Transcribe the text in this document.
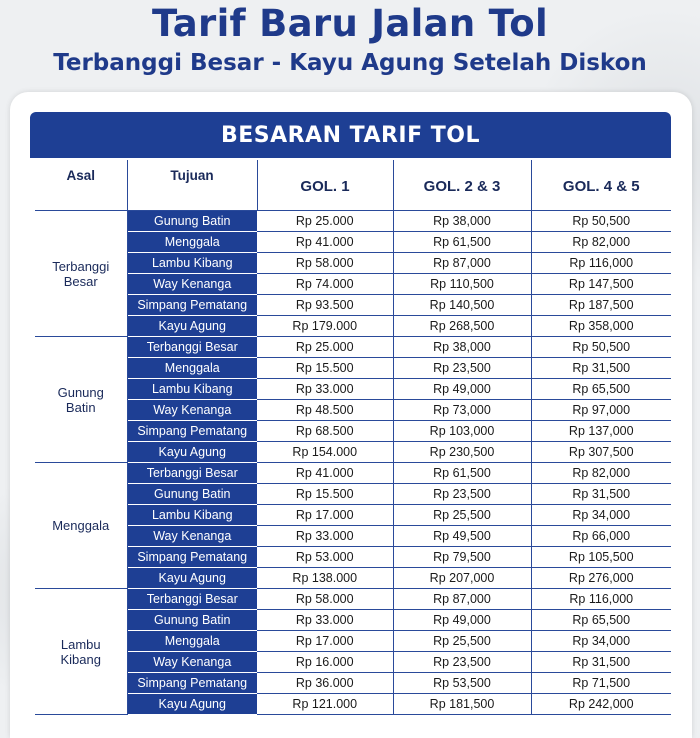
Tarif Baru Jalan Tol
Terbanggi Besar - Kayu Agung Setelah Diskon
BESARAN TARIF TOL
Asal	Tujuan	GOL. 1	GOL. 2 & 3	GOL. 4 & 5
Terbanggi Besar	Gunung Batin	Rp 25.000	Rp 38,000	Rp 50,500
	Menggala	Rp 41.000	Rp 61,500	Rp 82,000
	Lambu Kibang	Rp 58.000	Rp 87,000	Rp 116,000
	Way Kenanga	Rp 74.000	Rp 110,500	Rp 147,500
	Simpang Pematang	Rp 93.500	Rp 140,500	Rp 187,500
	Kayu Agung	Rp 179.000	Rp 268,500	Rp 358,000
Gunung Batin	Terbanggi Besar	Rp 25.000	Rp 38,000	Rp 50,500
	Menggala	Rp 15.500	Rp 23,500	Rp 31,500
	Lambu Kibang	Rp 33.000	Rp 49,000	Rp 65,500
	Way Kenanga	Rp 48.500	Rp 73,000	Rp 97,000
	Simpang Pematang	Rp 68.500	Rp 103,000	Rp 137,000
	Kayu Agung	Rp 154.000	Rp 230,500	Rp 307,500
Menggala	Terbanggi Besar	Rp 41.000	Rp 61,500	Rp 82,000
	Gunung Batin	Rp 15.500	Rp 23,500	Rp 31,500
	Lambu Kibang	Rp 17.000	Rp 25,500	Rp 34,000
	Way Kenanga	Rp 33.000	Rp 49,500	Rp 66,000
	Simpang Pematang	Rp 53.000	Rp 79,500	Rp 105,500
	Kayu Agung	Rp 138.000	Rp 207,000	Rp 276,000
Lambu Kibang	Terbanggi Besar	Rp 58.000	Rp 87,000	Rp 116,000
	Gunung Batin	Rp 33.000	Rp 49,000	Rp 65,500
	Menggala	Rp 17.000	Rp 25,500	Rp 34,000
	Way Kenanga	Rp 16.000	Rp 23,500	Rp 31,500
	Simpang Pematang	Rp 36.000	Rp 53,500	Rp 71,500
	Kayu Agung	Rp 121.000	Rp 181,500	Rp 242,000
